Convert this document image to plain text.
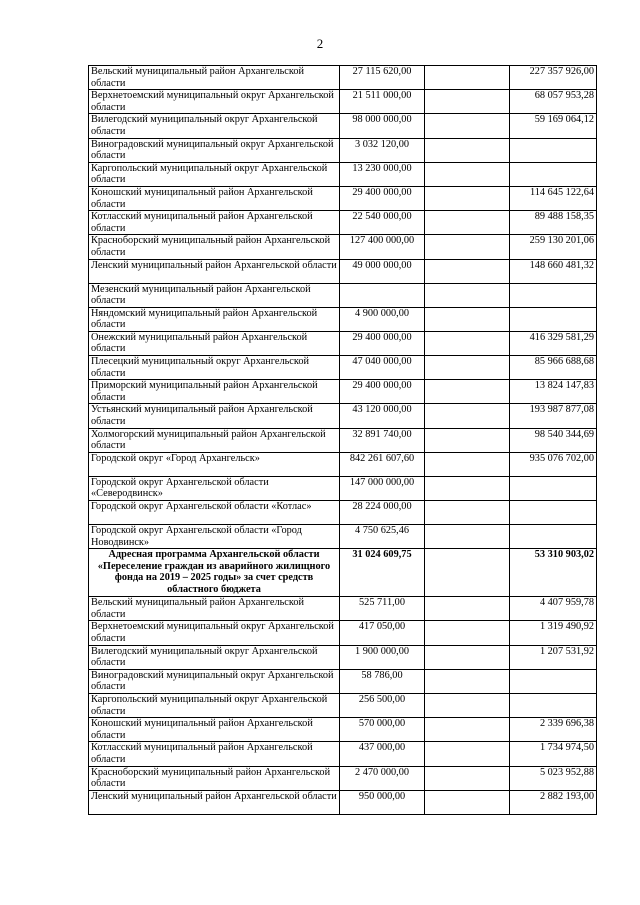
2
Вельский муниципальный район Архангельской области	27 115 620,00		227 357 926,00
Верхнетоемский муниципальный округ Архангельской области	21 511 000,00		68 057 953,28
Вилегодский муниципальный округ Архангельской области	98 000 000,00		59 169 064,12
Виноградовский муниципальный округ Архангельской области	3 032 120,00		
Каргопольский муниципальный округ Архангельской области	13 230 000,00		
Коношский муниципальный район Архангельской области	29 400 000,00		114 645 122,64
Котласский муниципальный район Архангельской области	22 540 000,00		89 488 158,35
Красноборский муниципальный район Архангельской области	127 400 000,00		259 130 201,06
Ленский муниципальный район Архангельской области	49 000 000,00		148 660 481,32
Мезенский муниципальный район Архангельской области			
Няндомский муниципальный район Архангельской области	4 900 000,00		
Онежский муниципальный район Архангельской области	29 400 000,00		416 329 581,29
Плесецкий муниципальный округ Архангельской области	47 040 000,00		85 966 688,68
Приморский муниципальный район Архангельской области	29 400 000,00		13 824 147,83
Устьянский муниципальный район Архангельской области	43 120 000,00		193 987 877,08
Холмогорский муниципальный район Архангельской области	32 891 740,00		98 540 344,69
Городской округ «Город Архангельск»	842 261 607,60		935 076 702,00
Городской округ Архангельской области «Северодвинск»	147 000 000,00		
Городской округ Архангельской области «Котлас»	28 224 000,00		
Городской округ Архангельской области «Город Новодвинск»	4 750 625,46		
Адресная программа Архангельской области «Переселение граждан из аварийного жилищного фонда на 2019 – 2025 годы» за счет средств областного бюджета	31 024 609,75		53 310 903,02
Вельский муниципальный район Архангельской области	525 711,00		4 407 959,78
Верхнетоемский муниципальный округ Архангельской области	417 050,00		1 319 490,92
Вилегодский муниципальный округ Архангельской области	1 900 000,00		1 207 531,92
Виноградовский муниципальный округ Архангельской области	58 786,00		
Каргопольский муниципальный округ Архангельской области	256 500,00		
Коношский муниципальный район Архангельской области	570 000,00		2 339 696,38
Котласский муниципальный район Архангельской области	437 000,00		1 734 974,50
Красноборский муниципальный район Архангельской области	2 470 000,00		5 023 952,88
Ленский муниципальный район Архангельской области	950 000,00		2 882 193,00
